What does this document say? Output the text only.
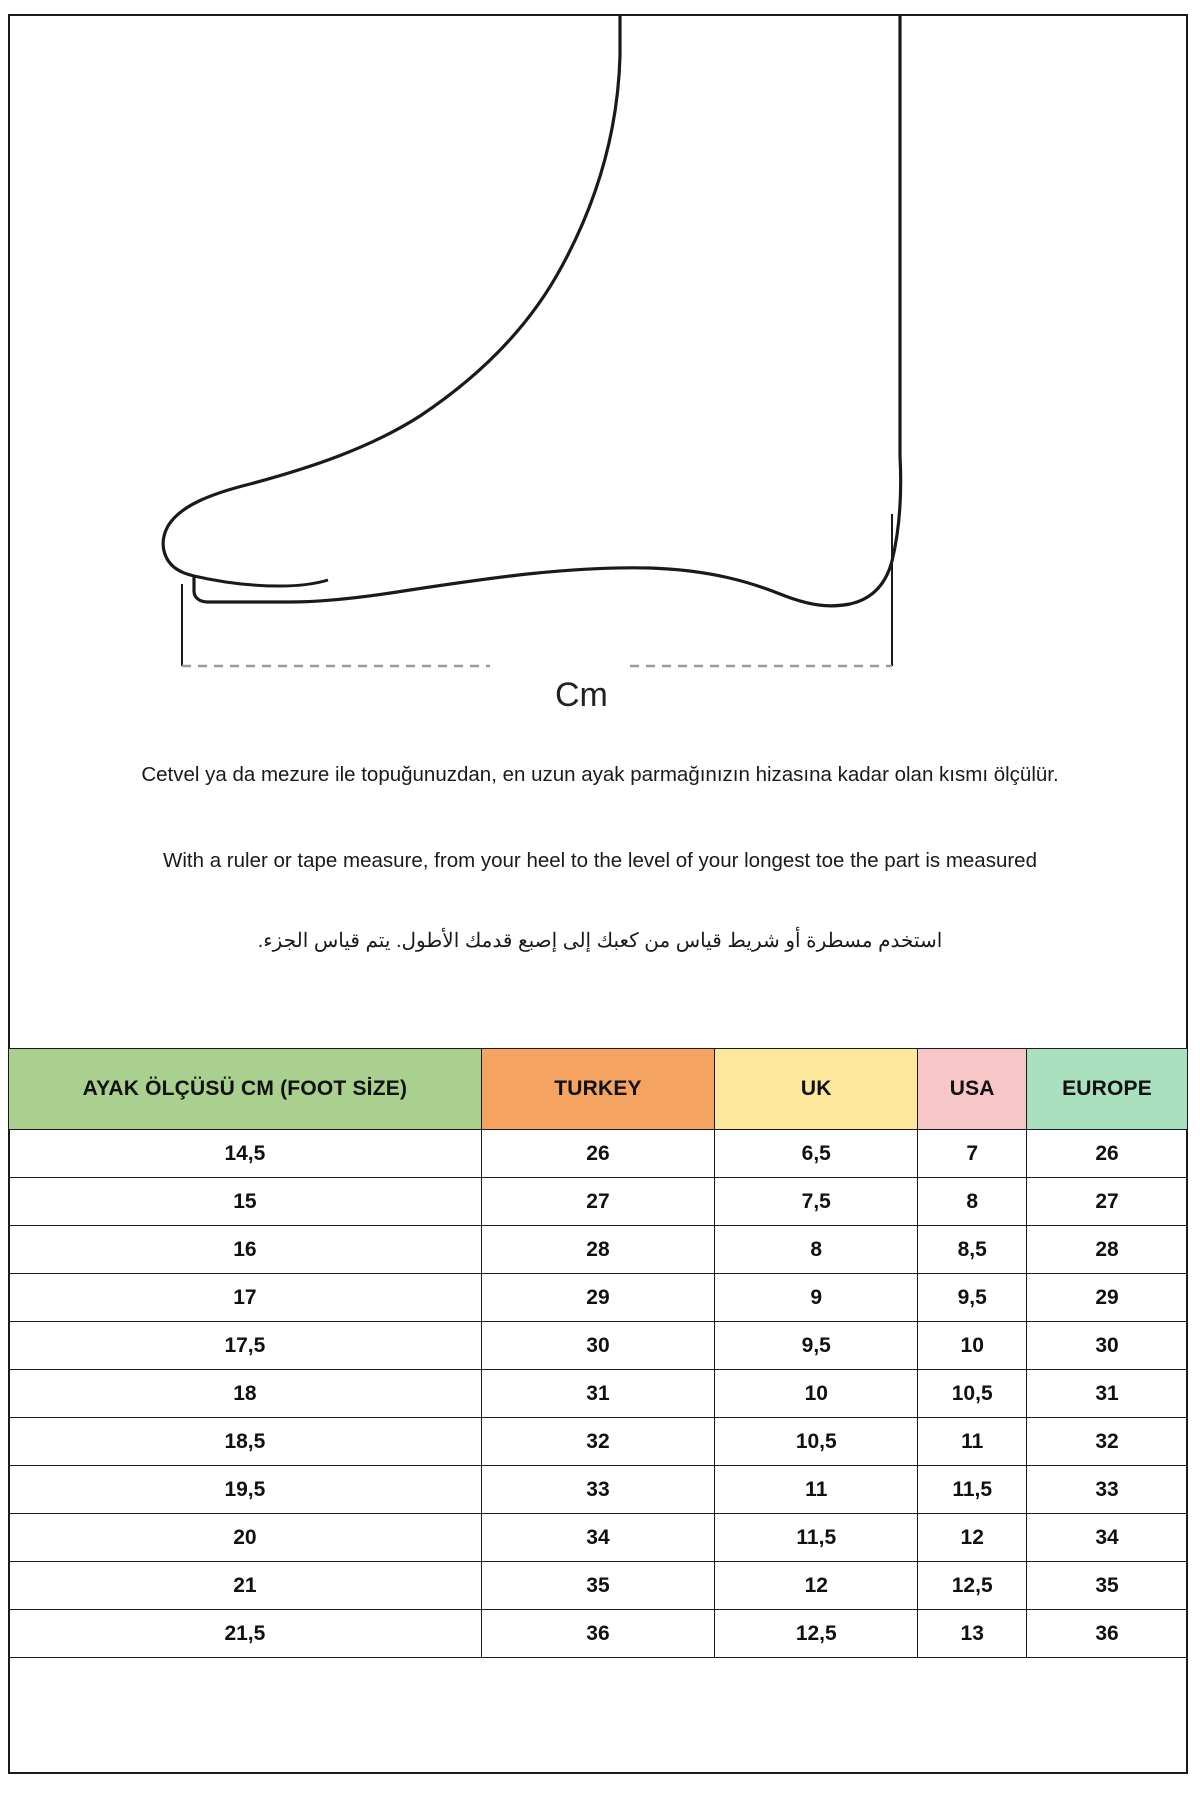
Cm

Cetvel ya da mezure ile topuğunuzdan, en uzun ayak parmağınızın hizasına kadar olan kısmı ölçülür.

With a ruler or tape measure, from your heel to the level of your longest toe the part is measured

استخدم مسطرة أو شريط قياس من كعبك إلى إصبع قدمك الأطول. يتم قياس الجزء.

AYAK ÖLÇÜSÜ CM (FOOT SİZE)	TURKEY	UK	USA	EUROPE
14,5	26	6,5	7	26
15	27	7,5	8	27
16	28	8	8,5	28
17	29	9	9,5	29
17,5	30	9,5	10	30
18	31	10	10,5	31
18,5	32	10,5	11	32
19,5	33	11	11,5	33
20	34	11,5	12	34
21	35	12	12,5	35
21,5	36	12,5	13	36
